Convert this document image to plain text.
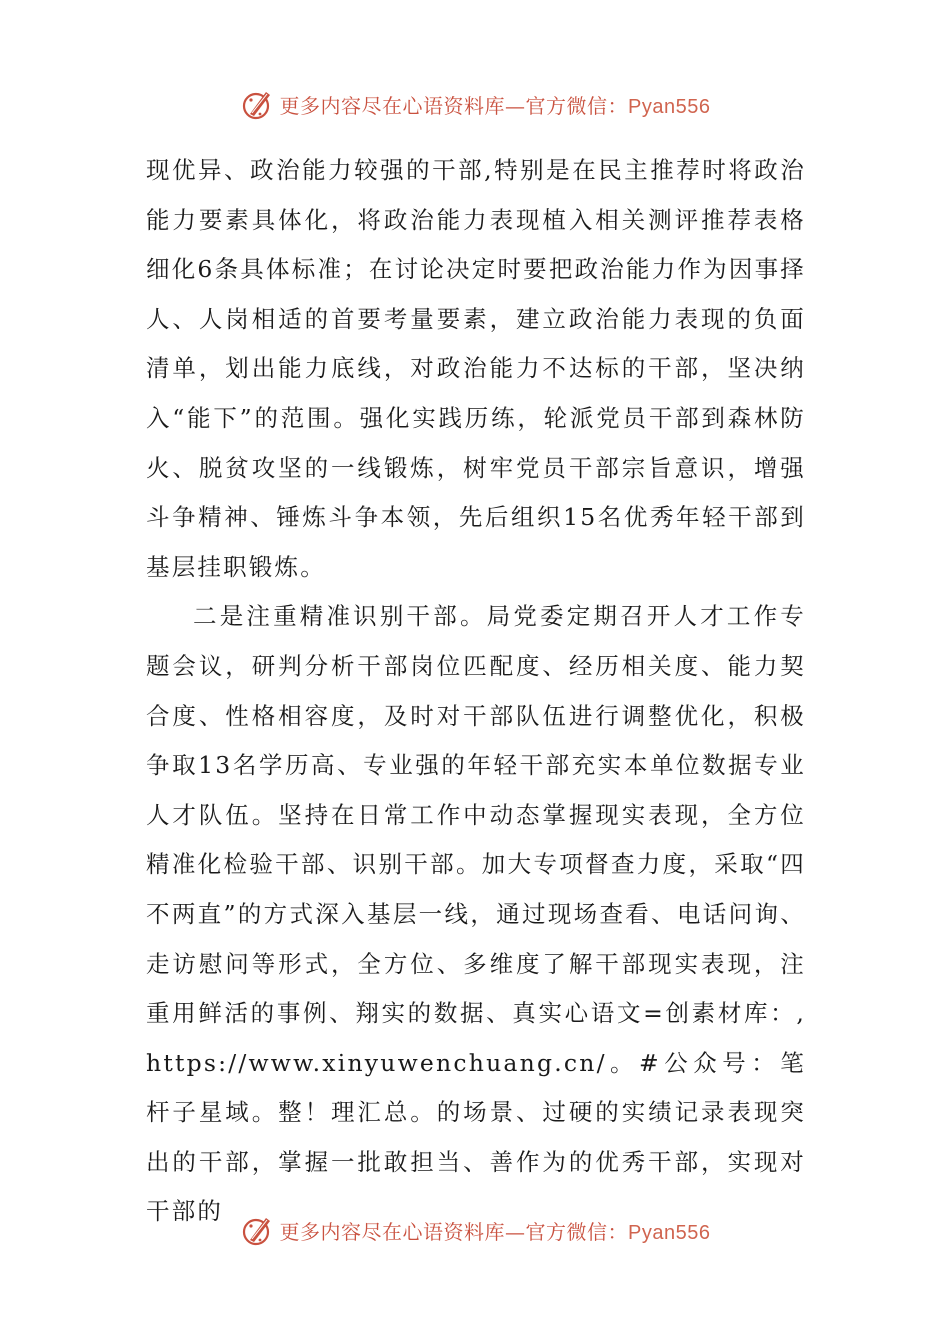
更多内容尽在心语资料库—官方微信：Pyan556

现优异、政治能力较强的干部,特别是在民主推荐时将政治能力要素具体化，将政治能力表现植入相关测评推荐表格细化6条具体标准；在讨论决定时要把政治能力作为因事择人、人岗相适的首要考量要素，建立政治能力表现的负面清单，划出能力底线，对政治能力不达标的干部，坚决纳入“能下”的范围。强化实践历练，轮派党员干部到森林防火、脱贫攻坚的一线锻炼，树牢党员干部宗旨意识，增强斗争精神、锤炼斗争本领，先后组织15名优秀年轻干部到基层挂职锻炼。

二是注重精准识别干部。局党委定期召开人才工作专题会议，研判分析干部岗位匹配度、经历相关度、能力契合度、性格相容度，及时对干部队伍进行调整优化，积极争取13名学历高、专业强的年轻干部充实本单位数据专业人才队伍。坚持在日常工作中动态掌握现实表现，全方位精准化检验干部、识别干部。加大专项督查力度，采取“四不两直”的方式深入基层一线，通过现场查看、电话问询、走访慰问等形式，全方位、多维度了解干部现实表现，注重用鲜活的事例、翔实的数据、真实心语文=创素材库：,https://www.xinyuwenchuang.cn/。#公众号：笔杆子星域。整！理汇总。的场景、过硬的实绩记录表现突出的干部，掌握一批敢担当、善作为的优秀干部，实现对干部的

更多内容尽在心语资料库—官方微信：Pyan556
